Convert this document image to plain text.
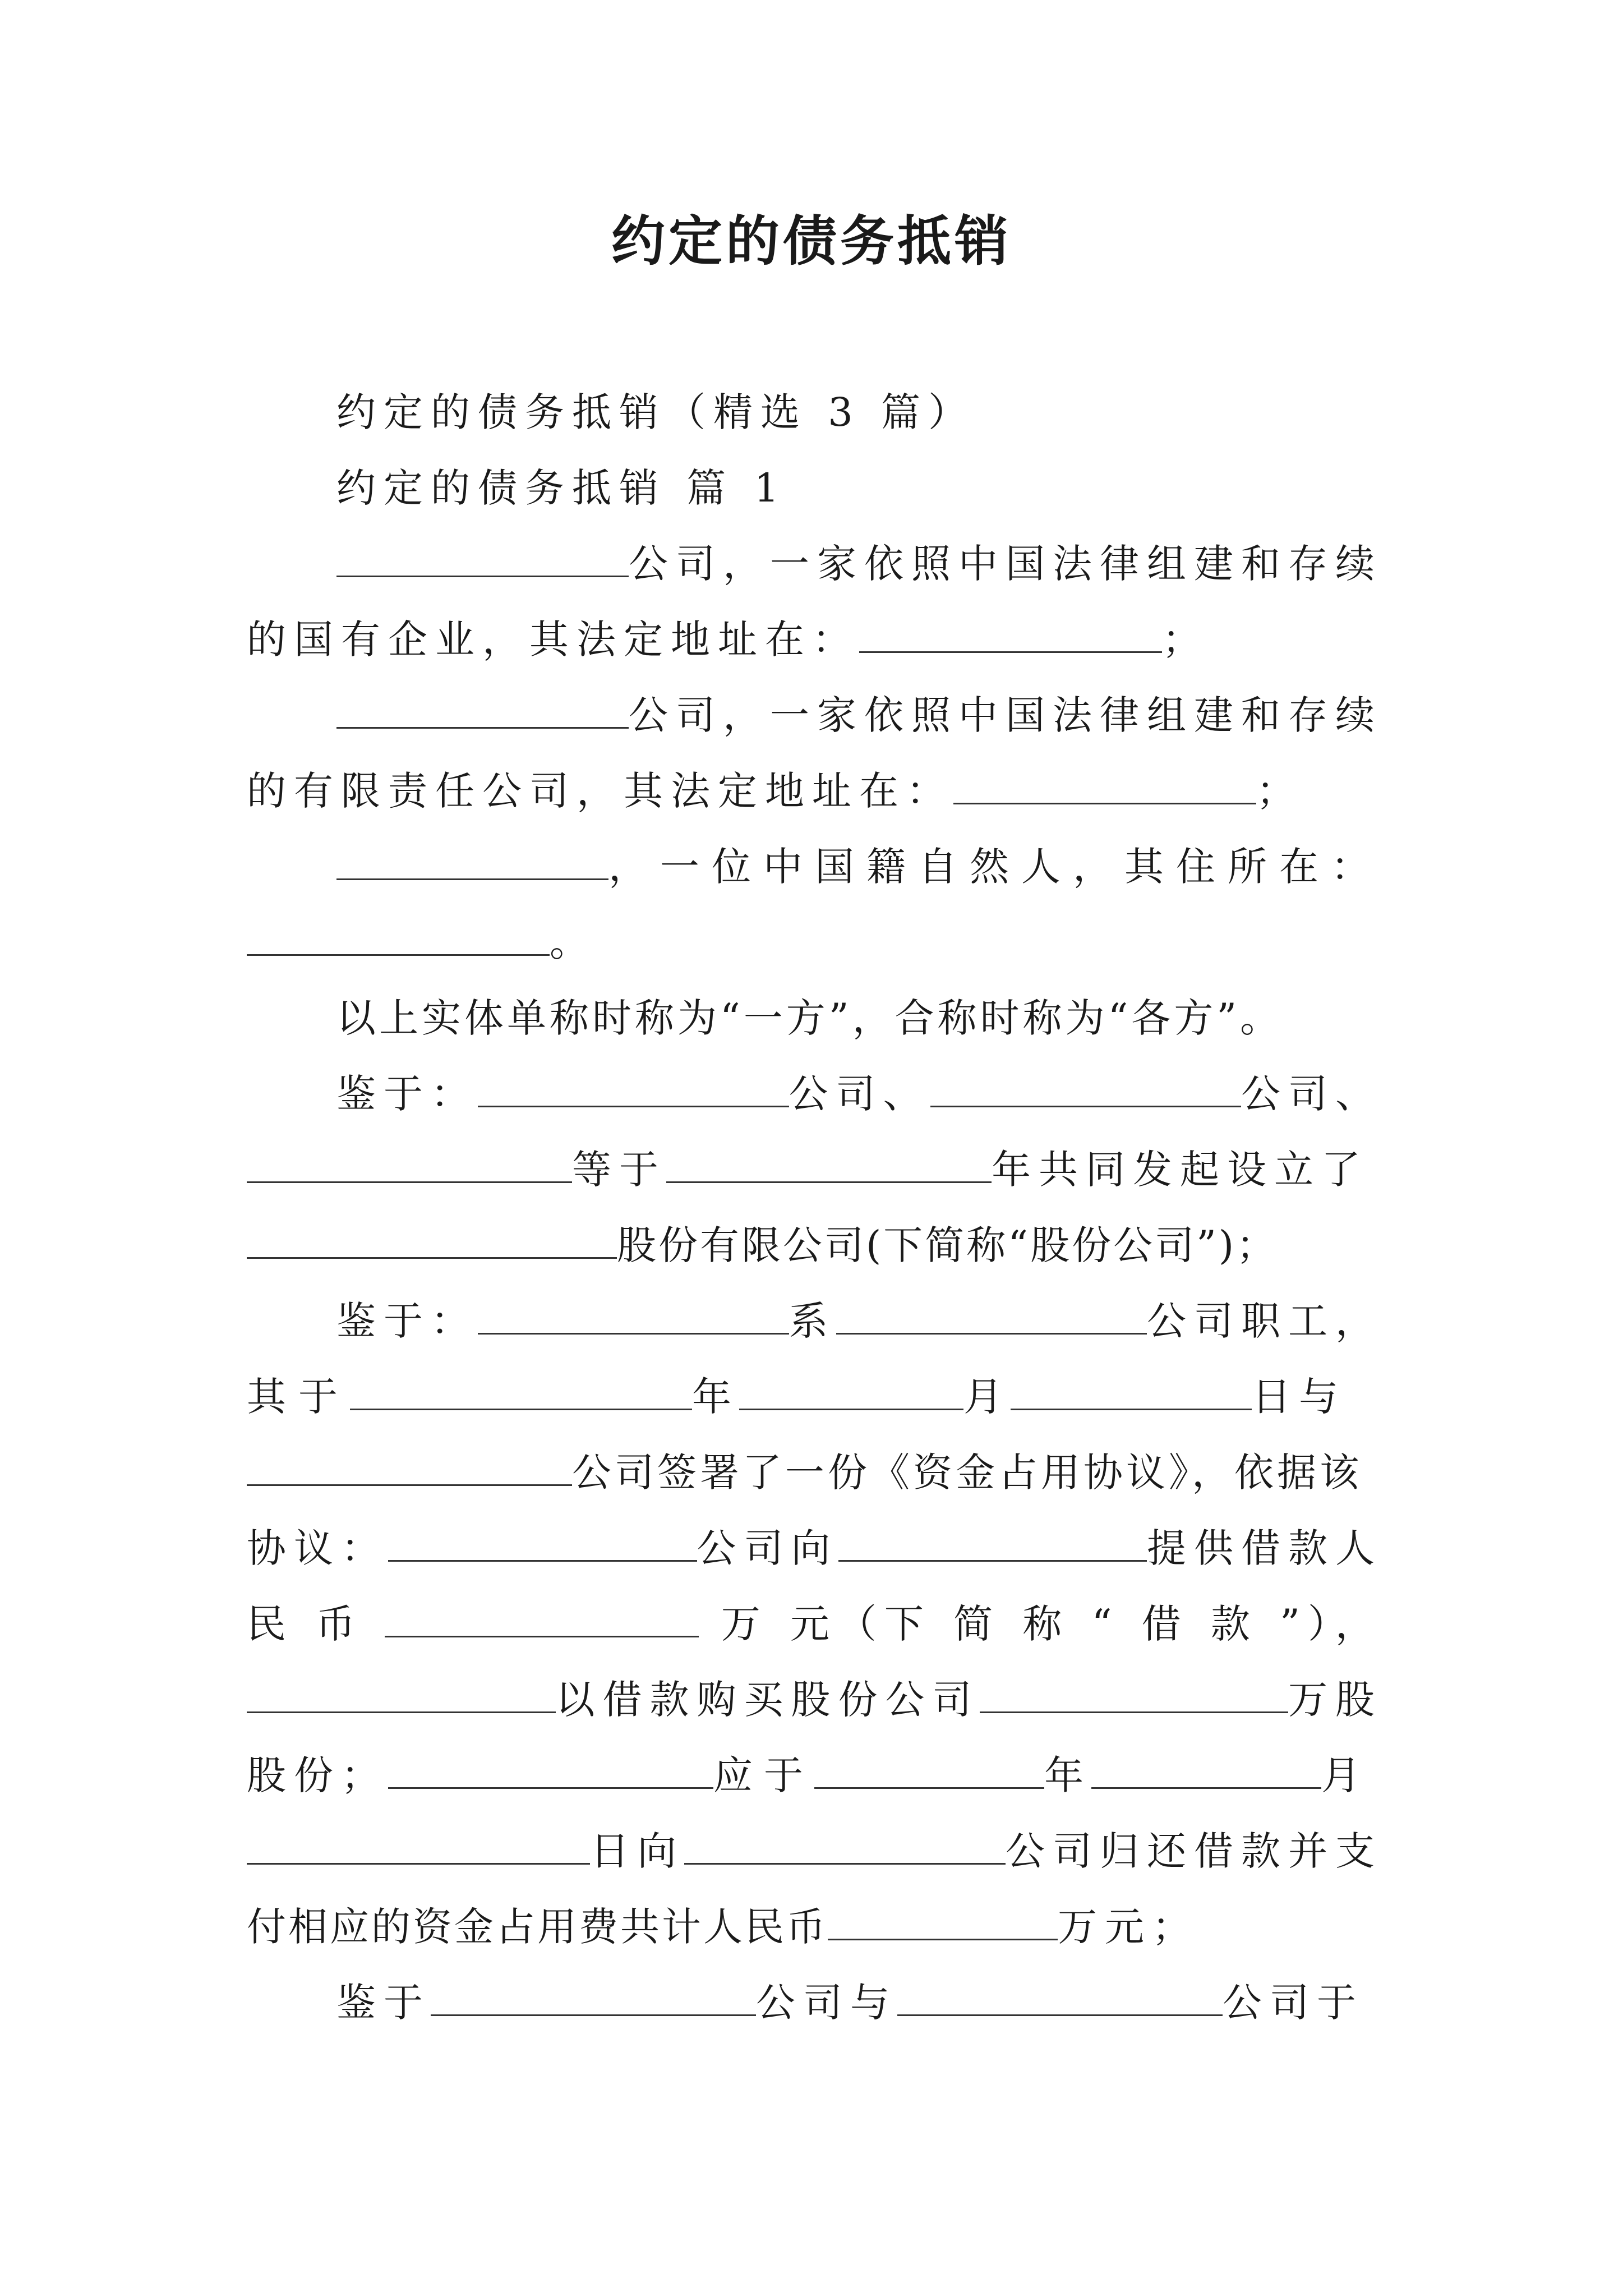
约定的债务抵销
约定的债务抵销（精选 3 篇）
约定的债务抵销 篇 1
公司，一家依照中国法律组建和存续
的国有企业，其法定地址在：	；
公司，一家依照中国法律组建和存续
的有限责任公司，其法定地址在：	；
，一位中国籍自然人，其住所在：
。
以上实体单称时称为“一方”，合称时称为“各方”。
鉴于：	公司、	公司、
等于	年共同发起设立了
股份有限公司(下简称“股份公司”)；
鉴于：	系	公司职工，
其于	年	月	日与
公司签署了一份《资金占用协议》，依据该
协议：	公司向	提供借款人
民 币	万 元（下 简 称 “ 借 款 ”），
以借款购买股份公司	万股
股份；	应于	年	月
日向	公司归还借款并支
付相应的资金占用费共计人民币	万元；
鉴于	公司与	公司于
